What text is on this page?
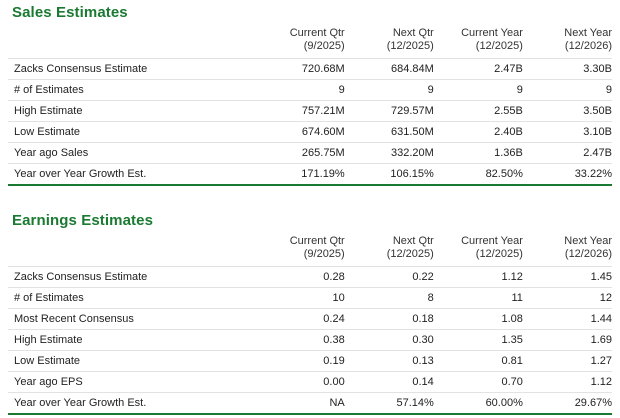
Sales Estimates
	Current Qtr	Next Qtr	Current Year	Next Year
	(9/2025)	(12/2025)	(12/2025)	(12/2026)
Zacks Consensus Estimate	720.68M	684.84M	2.47B	3.30B
# of Estimates	9	9	9	9
High Estimate	757.21M	729.57M	2.55B	3.50B
Low Estimate	674.60M	631.50M	2.40B	3.10B
Year ago Sales	265.75M	332.20M	1.36B	2.47B
Year over Year Growth Est.	171.19%	106.15%	82.50%	33.22%
Earnings Estimates
	Current Qtr	Next Qtr	Current Year	Next Year
	(9/2025)	(12/2025)	(12/2025)	(12/2026)
Zacks Consensus Estimate	0.28	0.22	1.12	1.45
# of Estimates	10	8	11	12
Most Recent Consensus	0.24	0.18	1.08	1.44
High Estimate	0.38	0.30	1.35	1.69
Low Estimate	0.19	0.13	0.81	1.27
Year ago EPS	0.00	0.14	0.70	1.12
Year over Year Growth Est.	NA	57.14%	60.00%	29.67%
